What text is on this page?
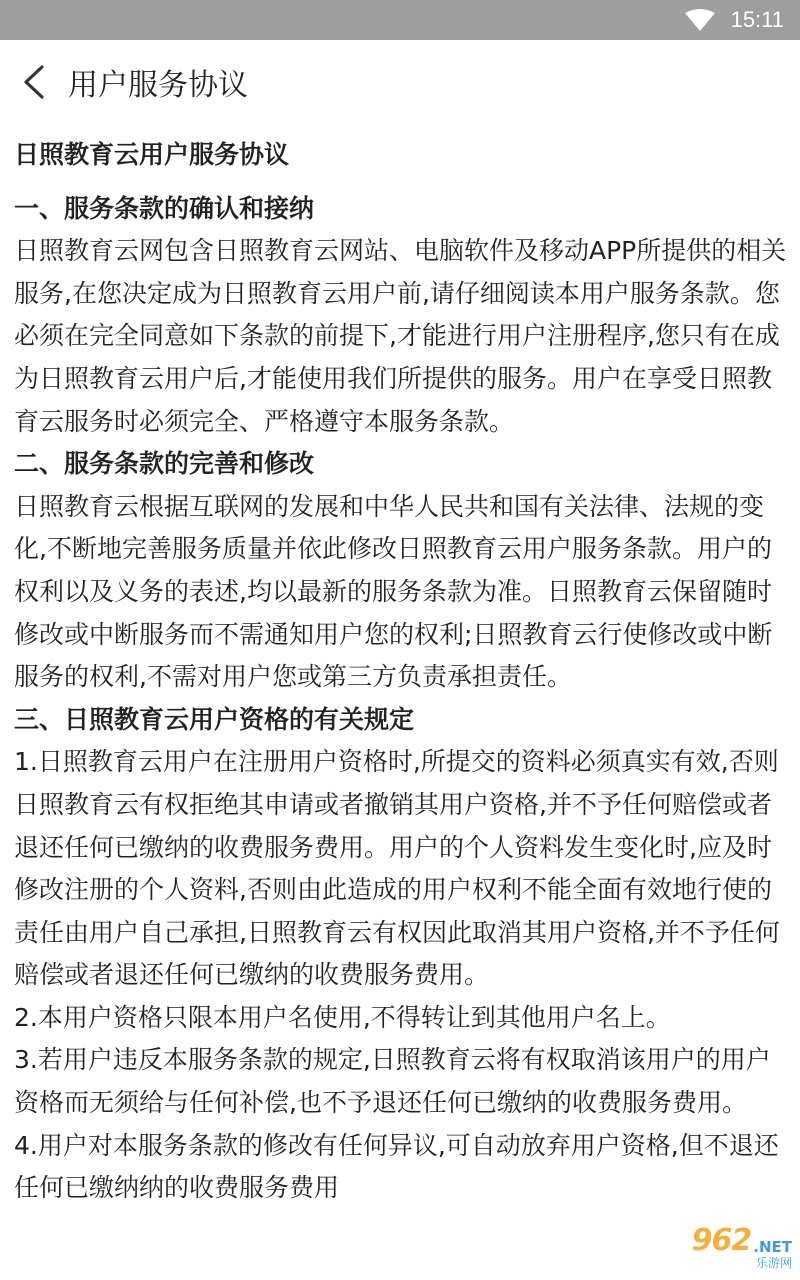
15:11
用户服务协议

日照教育云用户服务协议

一、服务条款的确认和接纳

日照教育云网包含日照教育云网站、电脑软件及移动APP所提供的相关服务,在您决定成为日照教育云用户前,请仔细阅读本用户服务条款。您必须在完全同意如下条款的前提下,才能进行用户注册程序,您只有在成为日照教育云用户后,才能使用我们所提供的服务。用户在享受日照教育云服务时必须完全、严格遵守本服务条款。

二、服务条款的完善和修改

日照教育云根据互联网的发展和中华人民共和国有关法律、法规的变化,不断地完善服务质量并依此修改日照教育云用户服务条款。用户的权利以及义务的表述,均以最新的服务条款为准。日照教育云保留随时修改或中断服务而不需通知用户您的权利;日照教育云行使修改或中断服务的权利,不需对用户您或第三方负责承担责任。

三、日照教育云用户资格的有关规定

1.日照教育云用户在注册用户资格时,所提交的资料必须真实有效,否则日照教育云有权拒绝其申请或者撤销其用户资格,并不予任何赔偿或者退还任何已缴纳的收费服务费用。用户的个人资料发生变化时,应及时修改注册的个人资料,否则由此造成的用户权利不能全面有效地行使的责任由用户自己承担,日照教育云有权因此取消其用户资格,并不予任何赔偿或者退还任何已缴纳的收费服务费用。

2.本用户资格只限本用户名使用,不得转让到其他用户名上。

3.若用户违反本服务条款的规定,日照教育云将有权取消该用户的用户资格而无须给与任何补偿,也不予退还任何已缴纳的收费服务费用。

4.用户对本服务条款的修改有任何异议,可自动放弃用户资格,但不退还任何已缴纳纳的收费服务费用

962 .NET
乐游网
